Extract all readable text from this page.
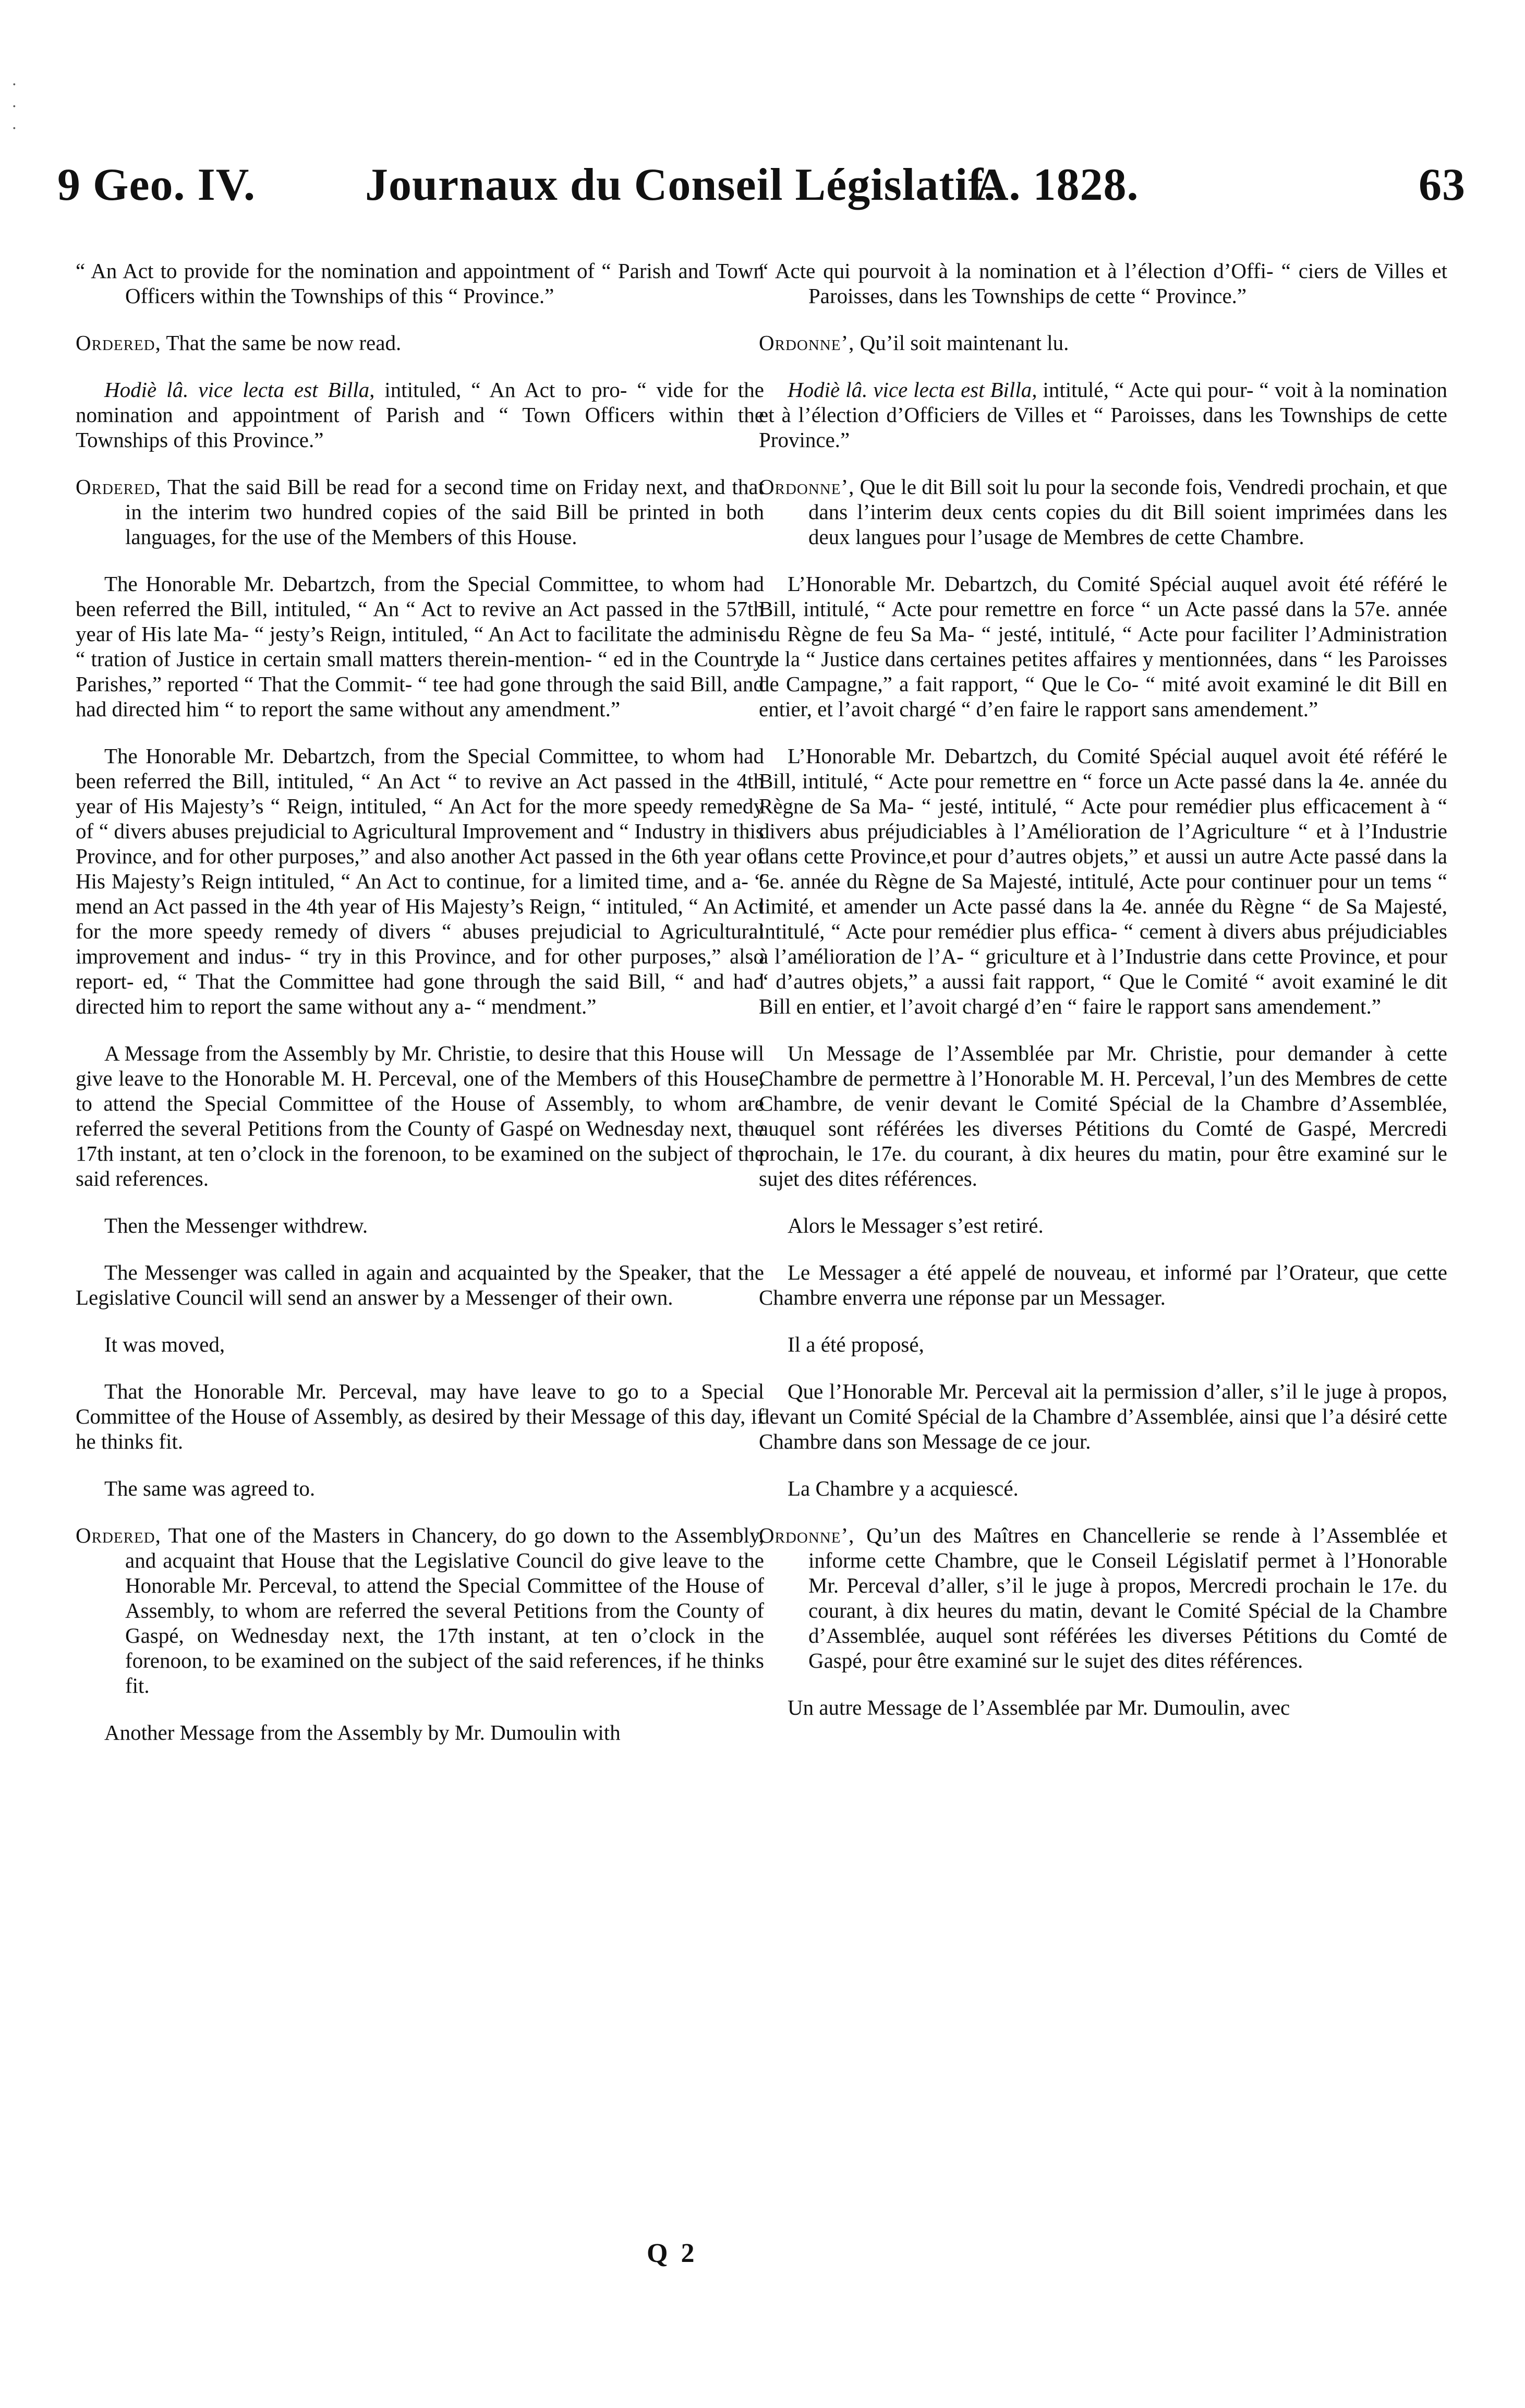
·
·
·
9 Geo. IV. Journaux du Conseil Législatif.
A. 1828.	63

“ An Act to provide for the nomination and appointment of “ Parish and Town Officers within the Townships of this “ Province.”

Ordered, That the same be now read.

Hodiè lâ. vice lecta est Billa, intituled, “ An Act to pro- “ vide for the nomination and appointment of Parish and “ Town Officers within the Townships of this Province.”

Ordered, That the said Bill be read for a second time on Friday next, and that in the interim two hundred copies of the said Bill be printed in both languages, for the use of the Members of this House.

The Honorable Mr. Debartzch, from the Special Committee, to whom had been referred the Bill, intituled, “ An “ Act to revive an Act passed in the 57th year of His late Ma- “ jesty’s Reign, intituled, “ An Act to facilitate the adminis- “ tration of Justice in certain small matters therein-mention- “ ed in the Country Parishes,” reported “ That the Commit- “ tee had gone through the said Bill, and had directed him “ to report the same without any amendment.”

The Honorable Mr. Debartzch, from the Special Committee, to whom had been referred the Bill, intituled, “ An Act “ to revive an Act passed in the 4th year of His Majesty’s “ Reign, intituled, “ An Act for the more speedy remedy of “ divers abuses prejudicial to Agricultural Improvement and “ Industry in this Province, and for other purposes,” and also another Act passed in the 6th year of His Majesty’s Reign intituled, “ An Act to continue, for a limited time, and a- “ mend an Act passed in the 4th year of His Majesty’s Reign, “ intituled, “ An Act for the more speedy remedy of divers “ abuses prejudicial to Agricultural improvement and indus- “ try in this Province, and for other purposes,” also report- ed, “ That the Committee had gone through the said Bill, “ and had directed him to report the same without any a- “ mendment.”

A Message from the Assembly by Mr. Christie, to desire that this House will give leave to the Honorable M. H. Perceval, one of the Members of this House, to attend the Special Committee of the House of Assembly, to whom are referred the several Petitions from the County of Gaspé on Wednesday next, the 17th instant, at ten o’clock in the forenoon, to be examined on the subject of the said references.

Then the Messenger withdrew.

The Messenger was called in again and acquainted by the Speaker, that the Legislative Council will send an answer by a Messenger of their own.

It was moved,

That the Honorable Mr. Perceval, may have leave to go to a Special Committee of the House of Assembly, as desired by their Message of this day, if he thinks fit.

The same was agreed to.

Ordered, That one of the Masters in Chancery, do go down to the Assembly, and acquaint that House that the Legislative Council do give leave to the Honorable Mr. Perceval, to attend the Special Committee of the House of Assembly, to whom are referred the several Petitions from the County of Gaspé, on Wednesday next, the 17th instant, at ten o’clock in the forenoon, to be examined on the subject of the said references, if he thinks fit.

Another Message from the Assembly by Mr. Dumoulin with

“ Acte qui pourvoit à la nomination et à l’élection d’Offi- “ ciers de Villes et Paroisses, dans les Townships de cette “ Province.”

Ordonne’, Qu’il soit maintenant lu.

Hodiè lâ. vice lecta est Billa, intitulé, “ Acte qui pour- “ voit à la nomination et à l’élection d’Officiers de Villes et “ Paroisses, dans les Townships de cette Province.”

Ordonne’, Que le dit Bill soit lu pour la seconde fois, Vendredi prochain, et que dans l’interim deux cents copies du dit Bill soient imprimées dans les deux langues pour l’usage de Membres de cette Chambre.

L’Honorable Mr. Debartzch, du Comité Spécial auquel avoit été référé le Bill, intitulé, “ Acte pour remettre en force “ un Acte passé dans la 57e. année du Règne de feu Sa Ma- “ jesté, intitulé, “ Acte pour faciliter l’Administration de la “ Justice dans certaines petites affaires y mentionnées, dans “ les Paroisses de Campagne,” a fait rapport, “ Que le Co- “ mité avoit examiné le dit Bill en entier, et l’avoit chargé “ d’en faire le rapport sans amendement.”

L’Honorable Mr. Debartzch, du Comité Spécial auquel avoit été référé le Bill, intitulé, “ Acte pour remettre en “ force un Acte passé dans la 4e. année du Règne de Sa Ma- “ jesté, intitulé, “ Acte pour remédier plus efficacement à “ divers abus préjudiciables à l’Amélioration de l’Agriculture “ et à l’Industrie dans cette Province,et pour d’autres objets,” et aussi un autre Acte passé dans la 6e. année du Règne de Sa Majesté, intitulé, Acte pour continuer pour un tems “ limité, et amender un Acte passé dans la 4e. année du Règne “ de Sa Majesté, intitulé, “ Acte pour remédier plus effica- “ cement à divers abus préjudiciables à l’amélioration de l’A- “ griculture et à l’Industrie dans cette Province, et pour “ d’autres objets,” a aussi fait rapport, “ Que le Comité “ avoit examiné le dit Bill en entier, et l’avoit chargé d’en “ faire le rapport sans amendement.”

Un Message de l’Assemblée par Mr. Christie, pour demander à cette Chambre de permettre à l’Honorable M. H. Perceval, l’un des Membres de cette Chambre, de venir devant le Comité Spécial de la Chambre d’Assemblée, auquel sont référées les diverses Pétitions du Comté de Gaspé, Mercredi prochain, le 17e. du courant, à dix heures du matin, pour être examiné sur le sujet des dites références.

Alors le Messager s’est retiré.

Le Messager a été appelé de nouveau, et informé par l’Orateur, que cette Chambre enverra une réponse par un Messager.

Il a été proposé,

Que l’Honorable Mr. Perceval ait la permission d’aller, s’il le juge à propos, devant un Comité Spécial de la Chambre d’Assemblée, ainsi que l’a désiré cette Chambre dans son Message de ce jour.

La Chambre y a acquiescé.

Ordonne’, Qu’un des Maîtres en Chancellerie se rende à l’Assemblée et informe cette Chambre, que le Conseil Législatif permet à l’Honorable Mr. Perceval d’aller, s’il le juge à propos, Mercredi prochain le 17e. du courant, à dix heures du matin, devant le Comité Spécial de la Chambre d’Assemblée, auquel sont référées les diverses Pétitions du Comté de Gaspé, pour être examiné sur le sujet des dites références.

Un autre Message de l’Assemblée par Mr. Dumoulin, avec

Q 2
